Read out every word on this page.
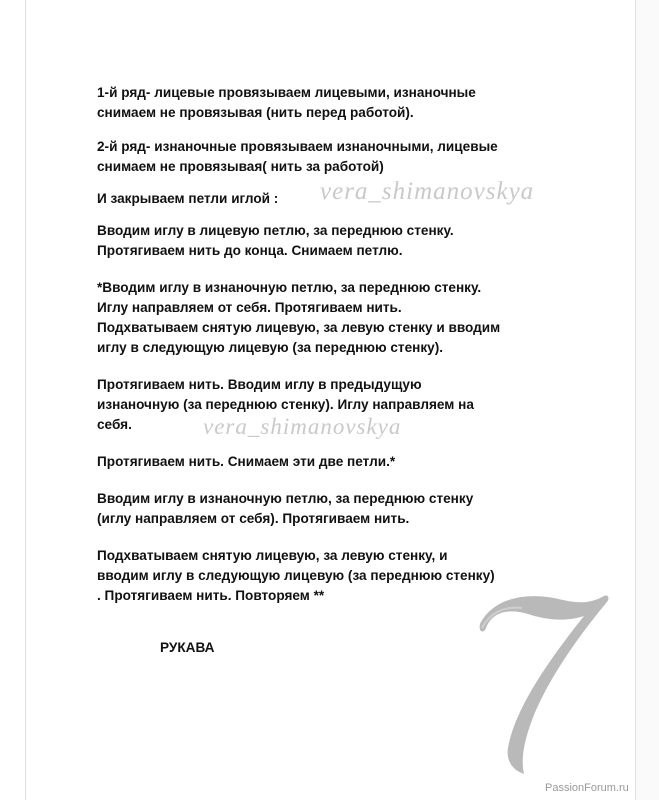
1-й ряд- лицевые провязываем лицевыми, изнаночные
снимаем не провязывая (нить перед работой).

2-й ряд- изнаночные провязываем изнаночными, лицевые
снимаем не провязывая( нить за работой)

И закрываем петли иглой :

Вводим иглу в лицевую петлю, за переднюю стенку.
Протягиваем нить до конца. Снимаем петлю.

*Вводим иглу в изнаночную петлю, за переднюю стенку.
Иглу направляем от себя. Протягиваем нить.
Подхватываем снятую лицевую, за левую стенку и вводим
иглу в следующую лицевую (за переднюю стенку).

Протягиваем нить. Вводим иглу в предыдущую
изнаночную (за переднюю стенку). Иглу направляем на
себя.

Протягиваем нить. Снимаем эти две петли.*

Вводим иглу в изнаночную петлю, за переднюю стенку
(иглу направляем от себя). Протягиваем нить.

Подхватываем снятую лицевую, за левую стенку, и
вводим иглу в следующую лицевую (за переднюю стенку)
. Протягиваем нить. Повторяем **

vera_shimanovskya
vera_shimanovskya
РУКАВА
7
PassionForum.ru
